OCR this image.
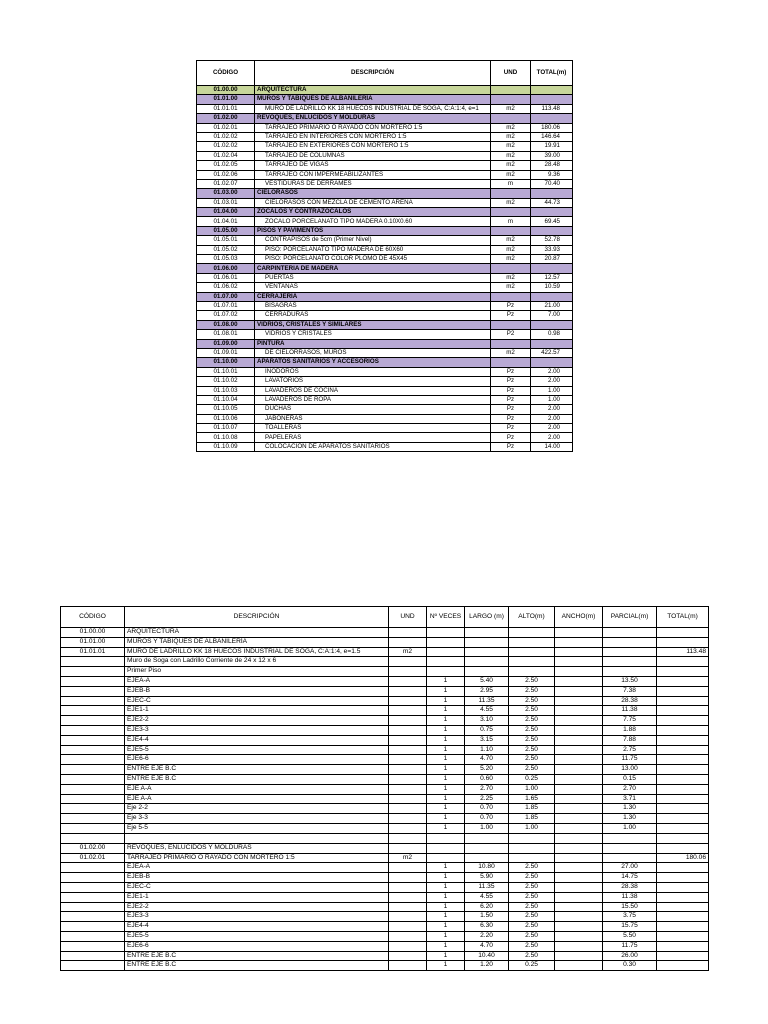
CÓDIGO	DESCRIPCIÓN	UND	TOTAL(m)
01.00.00	ARQUITECTURA		
01.01.00	MUROS Y TABIQUES DE ALBAÑILERÍA		
01.01.01	MURO DE LADRILLO KK 18 HUECOS INDUSTRIAL DE SOGA, C:A:1:4, e=1	m2	113.48
01.02.00	REVOQUES, ENLUCIDOS Y MOLDURAS		
01.02.01	TARRAJEO PRIMARIO O RAYADO CON MORTERO 1:5	m2	180.06
01.02.02	TARRAJEO EN INTERIORES CON MORTERO 1:5	m2	146.64
01.02.02	TARRAJEO EN EXTERIORES CON MORTERO 1:5	m2	19.91
01.02.04	TARRAJEO DE COLUMNAS	m2	39.00
01.02.05	TARRAJEO DE VIGAS	m2	28.48
01.02.06	TARRAJEO CON IMPERMEABILIZANTES	m2	9.36
01.02.07	VESTIDURAS DE DERRAMES	m	70.40
01.03.00	CIELORASOS		
01.03.01	CIELORASOS CON MEZCLA DE CEMENTO ARENA	m2	44.73
01.04.00	ZOCALOS Y CONTRAZOCALOS		
01.04.01	ZOCALO PORCELANATO TIPO MADERA 0.10X0.60	m	69.45
01.05.00	PISOS Y PAVIMENTOS		
01.05.01	CONTRAPISOS de 5cm (Primer Nivel)	m2	52.78
01.05.02	PISO: PORCELANATO TIPO MADERA DE 60X60	m2	33.93
01.05.03	PISO: PORCELANATO COLOR PLOMO DE 45X45	m2	20.87
01.06.00	CARPINTERIA DE MADERA		
01.06.01	PUERTAS	m2	12.57
01.06.02	VENTANAS	m2	10.59
01.07.00	CERRAJERIA		
01.07.01	BISAGRAS	Pz	21.00
01.07.02	CERRADURAS	Pz	7.00
01.08.00	VIDRIOS, CRISTALES Y SIMILARES		
01.08.01	VIDRIOS Y CRISTALES	P2	0.98
01.09.00	PINTURA		
01.09.01	DE CIELORRASOS, MUROS	m2	422.57
01.10.00	APARATOS SANITARIOS Y ACCESORIOS		
01.10.01	INODOROS	Pz	2.00
01.10.02	LAVATORIOS	Pz	2.00
01.10.03	LAVADEROS DE COCINA	Pz	1.00
01.10.04	LAVADEROS DE ROPA	Pz	1.00
01.10.05	DUCHAS	Pz	2.00
01.10.06	JABONERAS	Pz	2.00
01.10.07	TOALLERAS	Pz	2.00
01.10.08	PAPELERAS	Pz	2.00
01.10.09	COLOCACIÓN DE APARATOS SANITARIOS	Pz	14.00
CÓDIGO	DESCRIPCIÓN	UND	Nº VECES	LARGO (m)	ALTO(m)	ANCHO(m)	PARCIAL(m)	TOTAL(m)
01.00.00	ARQUITECTURA							
01.01.00	MUROS Y TABIQUES DE ALBAÑILERÍA							
01.01.01	MURO DE LADRILLO KK 18 HUECOS INDUSTRIAL DE SOGA, C:A:1:4, e=1.5	m2						113.48
	Muro de Soga con Ladrillo Corriente de 24 x 12 x 6							
	Primer Piso							
	EJEA-A		1	5.40	2.50		13.50	
	EJEB-B		1	2.95	2.50		7.38	
	EJEC-C		1	11.35	2.50		28.38	
	EJE1-1		1	4.55	2.50		11.38	
	EJE2-2		1	3.10	2.50		7.75	
	EJE3-3		1	0.75	2.50		1.88	
	EJE4-4		1	3.15	2.50		7.88	
	EJE5-5		1	1.10	2.50		2.75	
	EJE6-6		1	4.70	2.50		11.75	
	ENTRE EJE B.C		1	5.20	2.50		13.00	
	ENTRE EJE B.C		1	0.60	0.25		0.15	
	EJE A-A		1	2.70	1.00		2.70	
	EJE A-A		1	2.25	1.65		3.71	
	Eje 2-2		1	0.70	1.85		1.30	
	Eje 3-3		1	0.70	1.85		1.30	
	Eje 5-5		1	1.00	1.00		1.00	

01.02.00	REVOQUES, ENLUCIDOS Y MOLDURAS							
01.02.01	TARRAJEO PRIMARIO O RAYADO CON MORTERO 1:5	m2						180.06
	EJEA-A		1	10.80	2.50		27.00	
	EJEB-B		1	5.90	2.50		14.75	
	EJEC-C		1	11.35	2.50		28.38	
	EJE1-1		1	4.55	2.50		11.38	
	EJE2-2		1	6.20	2.50		15.50	
	EJE3-3		1	1.50	2.50		3.75	
	EJE4-4		1	6.30	2.50		15.75	
	EJE5-5		1	2.20	2.50		5.50	
	EJE6-6		1	4.70	2.50		11.75	
	ENTRE EJE B.C		1	10.40	2.50		26.00	
	ENTRE EJE B.C		1	1.20	0.25		0.30	
